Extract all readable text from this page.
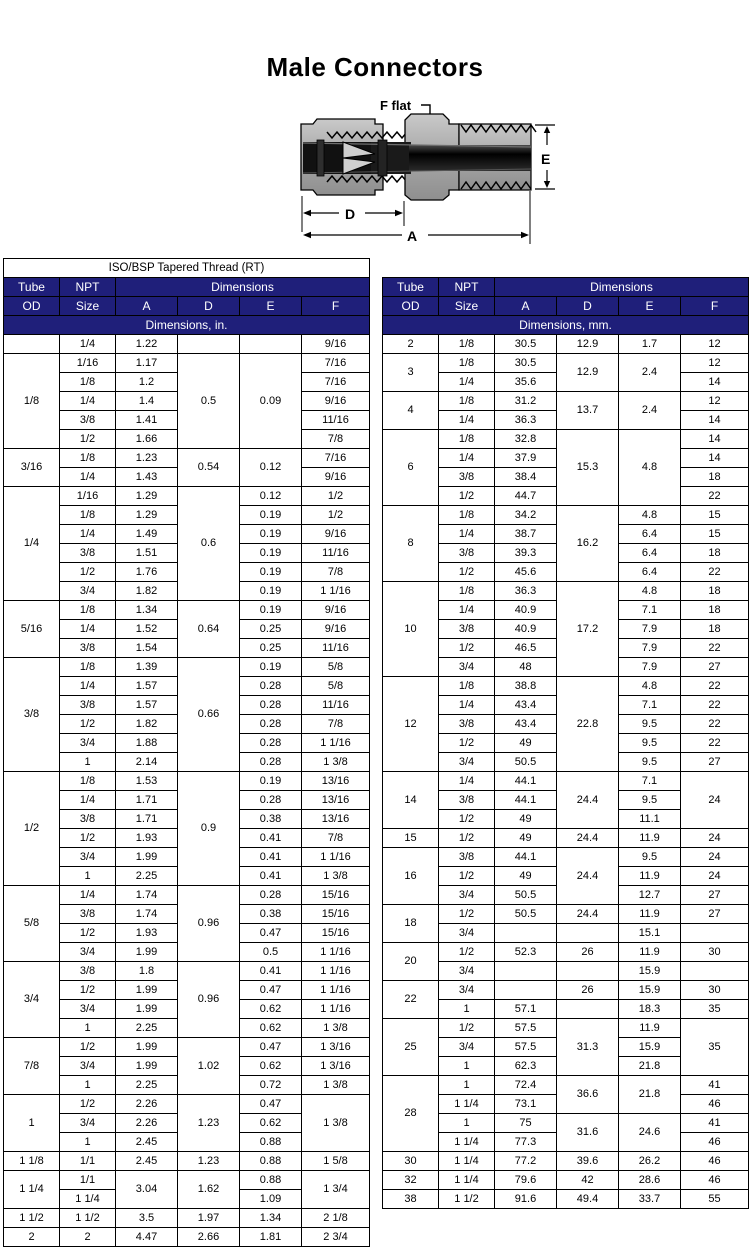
Male Connectors
F flat
E
D
A
ISO/BSP Tapered Thread (RT)					
Tube	NPT	Dimensions			
OD	Size	A	D	E	F
Dimensions, in.					
	1/4	1.22			9/16
1/8	1/16	1.17	0.5	0.09	7/16
	1/8	1.2			7/16
	1/4	1.4			9/16
	3/8	1.41			11/16
	1/2	1.66			7/8
3/16	1/8	1.23	0.54	0.12	7/16
	1/4	1.43			9/16
1/4	1/16	1.29	0.6	0.12	1/2
	1/8	1.29		0.19	1/2
	1/4	1.49		0.19	9/16
	3/8	1.51		0.19	11/16
	1/2	1.76		0.19	7/8
	3/4	1.82		0.19	1 1/16
5/16	1/8	1.34	0.64	0.19	9/16
	1/4	1.52		0.25	9/16
	3/8	1.54		0.25	11/16
3/8	1/8	1.39	0.66	0.19	5/8
	1/4	1.57		0.28	5/8
	3/8	1.57		0.28	11/16
	1/2	1.82		0.28	7/8
	3/4	1.88		0.28	1 1/16
	1	2.14		0.28	1 3/8
1/2	1/8	1.53	0.9	0.19	13/16
	1/4	1.71		0.28	13/16
	3/8	1.71		0.38	13/16
	1/2	1.93		0.41	7/8
	3/4	1.99		0.41	1 1/16
	1	2.25		0.41	1 3/8
5/8	1/4	1.74	0.96	0.28	15/16
	3/8	1.74		0.38	15/16
	1/2	1.93		0.47	15/16
	3/4	1.99		0.5	1 1/16
3/4	3/8	1.8	0.96	0.41	1 1/16
	1/2	1.99		0.47	1 1/16
	3/4	1.99		0.62	1 1/16
	1	2.25		0.62	1 3/8
7/8	1/2	1.99	1.02	0.47	1 3/16
	3/4	1.99		0.62	1 3/16
	1	2.25		0.72	1 3/8
1	1/2	2.26	1.23	0.47	1 3/8
	3/4	2.26		0.62	
	1	2.45		0.88	
1 1/8	1/1	2.45	1.23	0.88	1 5/8
1 1/4	1/1	3.04	1.62	0.88	1 3/4
	1 1/4			1.09	
1 1/2	1 1/2	3.5	1.97	1.34	2 1/8
2	2	4.47	2.66	1.81	2 3/4
Tube	NPT	Dimensions			
OD	Size	A	D	E	F
Dimensions, mm.					
2	1/8	30.5	12.9	1.7	12
3	1/8	30.5	12.9	2.4	12
	1/4	35.6			14
4	1/8	31.2	13.7	2.4	12
	1/4	36.3			14
6	1/8	32.8	15.3	4.8	14
	1/4	37.9			14
	3/8	38.4			18
	1/2	44.7			22
8	1/8	34.2	16.2	4.8	15
	1/4	38.7		6.4	15
	3/8	39.3		6.4	18
	1/2	45.6		6.4	22
10	1/8	36.3	17.2	4.8	18
	1/4	40.9		7.1	18
	3/8	40.9		7.9	18
	1/2	46.5		7.9	22
	3/4	48		7.9	27
12	1/8	38.8	22.8	4.8	22
	1/4	43.4		7.1	22
	3/8	43.4		9.5	22
	1/2	49		9.5	22
	3/4	50.5		9.5	27
14	1/4	44.1	24.4	7.1	24
	3/8	44.1		9.5	
	1/2	49		11.1	
15	1/2	49	24.4	11.9	24
16	3/8	44.1	24.4	9.5	24
	1/2	49		11.9	24
	3/4	50.5		12.7	27
18	1/2	50.5	24.4	11.9	27
	3/4			15.1	
20	1/2	52.3	26	11.9	30
	3/4			15.9	
22	3/4		26	15.9	30
	1	57.1		18.3	35
25	1/2	57.5	31.3	11.9	35
	3/4	57.5		15.9	
	1	62.3		21.8	
28	1	72.4	36.6	21.8	41
	1 1/4	73.1			46
	1	75	31.6	24.6	41
	1 1/4	77.3			46
30	1 1/4	77.2	39.6	26.2	46
32	1 1/4	79.6	42	28.6	46
38	1 1/2	91.6	49.4	33.7	55
